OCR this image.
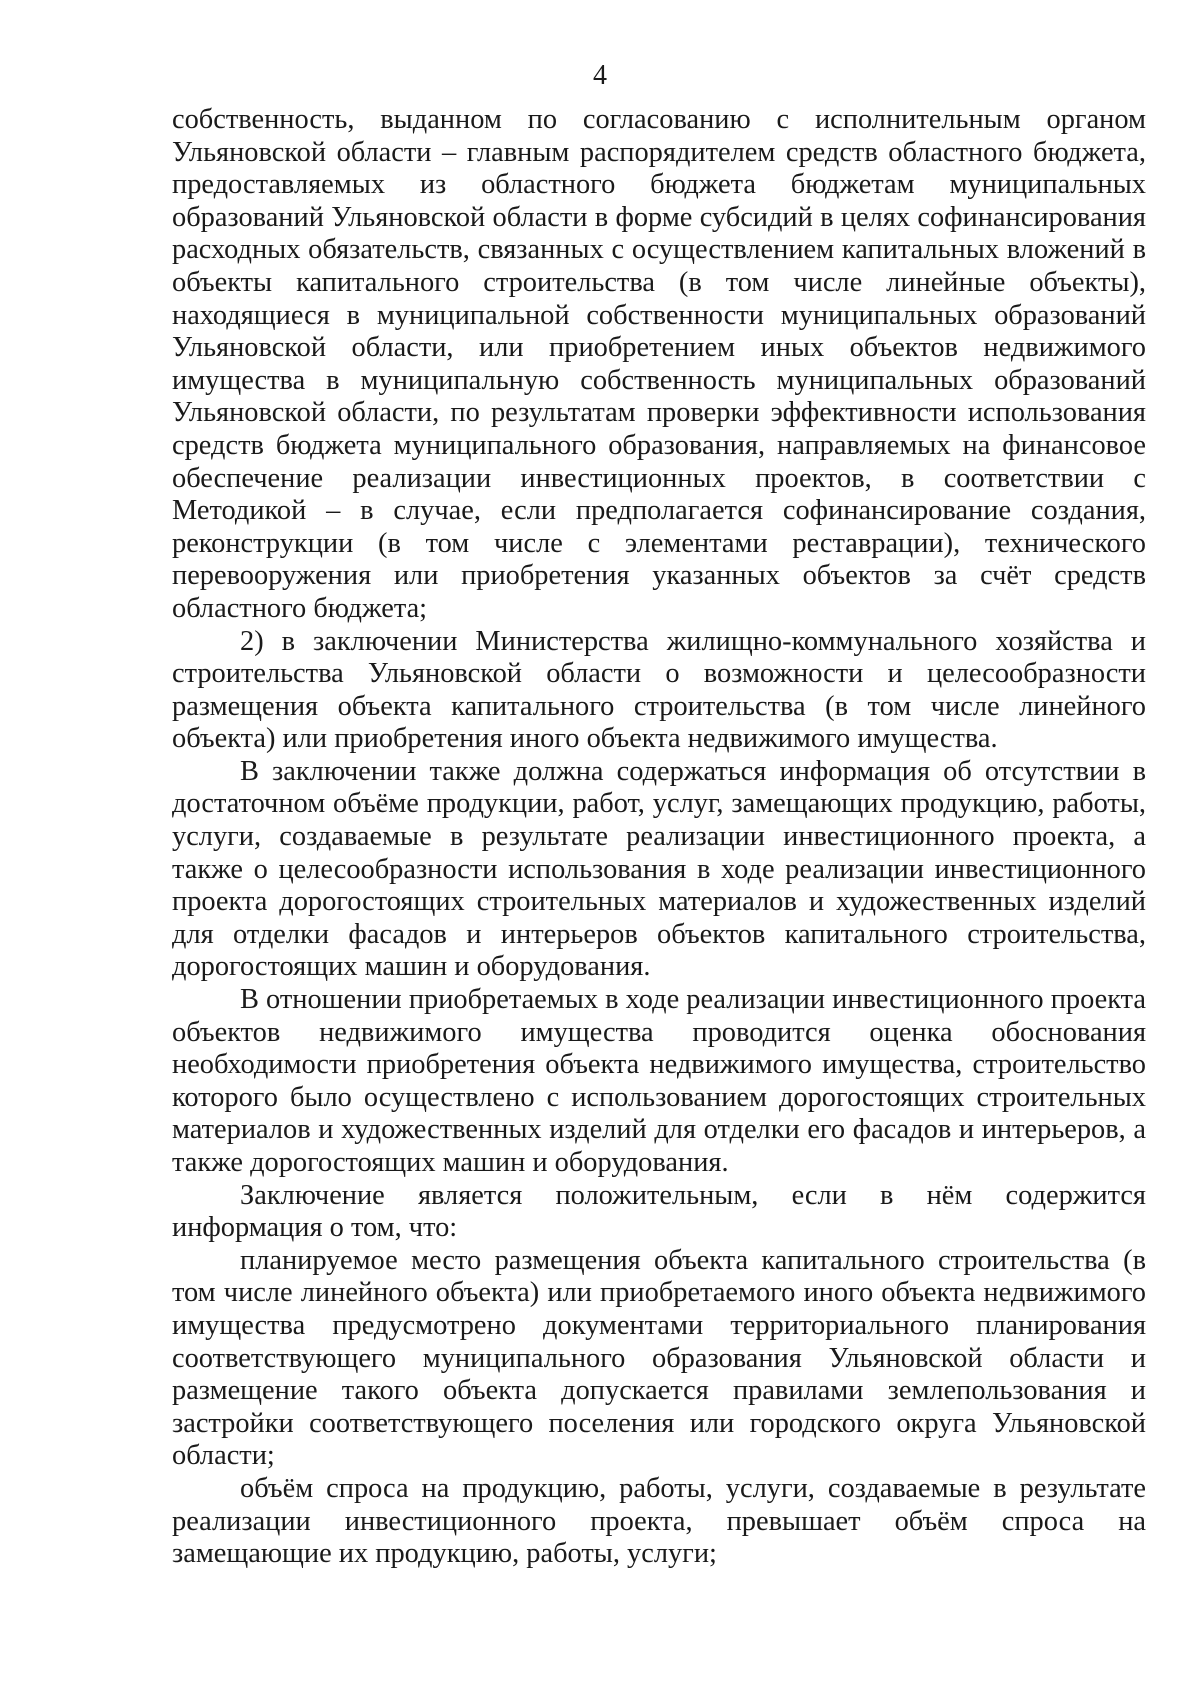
4

собственность, выданном по согласованию с исполнительным органом Ульяновской области – главным распорядителем средств областного бюджета, предоставляемых из областного бюджета бюджетам муниципальных образований Ульяновской области в форме субсидий в целях софинансирования расходных обязательств, связанных с осуществлением капитальных вложений в объекты капитального строительства (в том числе линейные объекты), находящиеся в муниципальной собственности муниципальных образований Ульяновской области, или приобретением иных объектов недвижимого имущества в муниципальную собственность муниципальных образований Ульяновской области, по результатам проверки эффективности использования средств бюджета муниципального образования, направляемых на финансовое обеспечение реализации инвестиционных проектов, в соответствии с Методикой – в случае, если предполагается софинансирование создания, реконструкции (в том числе с элементами реставрации), технического перевооружения или приобретения указанных объектов за счёт средств областного бюджета;

2) в заключении Министерства жилищно-коммунального хозяйства и строительства Ульяновской области о возможности и целесообразности размещения объекта капитального строительства (в том числе линейного объекта) или приобретения иного объекта недвижимого имущества.

В заключении также должна содержаться информация об отсутствии в достаточном объёме продукции, работ, услуг, замещающих продукцию, работы, услуги, создаваемые в результате реализации инвестиционного проекта, а также о целесообразности использования в ходе реализации инвестиционного проекта дорогостоящих строительных материалов и художественных изделий для отделки фасадов и интерьеров объектов капитального строительства, дорогостоящих машин и оборудования.

В отношении приобретаемых в ходе реализации инвестиционного проекта объектов недвижимого имущества проводится оценка обоснования необходимости приобретения объекта недвижимого имущества, строительство которого было осуществлено с использованием дорогостоящих строительных материалов и художественных изделий для отделки его фасадов и интерьеров, а также дорогостоящих машин и оборудования.

Заключение является положительным, если в нём содержится информация о том, что:

планируемое место размещения объекта капитального строительства (в том числе линейного объекта) или приобретаемого иного объекта недвижимого имущества предусмотрено документами территориального планирования соответствующего муниципального образования Ульяновской области и размещение такого объекта допускается правилами землепользования и застройки соответствующего поселения или городского округа Ульяновской области;

объём спроса на продукцию, работы, услуги, создаваемые в результате реализации инвестиционного проекта, превышает объём спроса на замещающие их продукцию, работы, услуги;
